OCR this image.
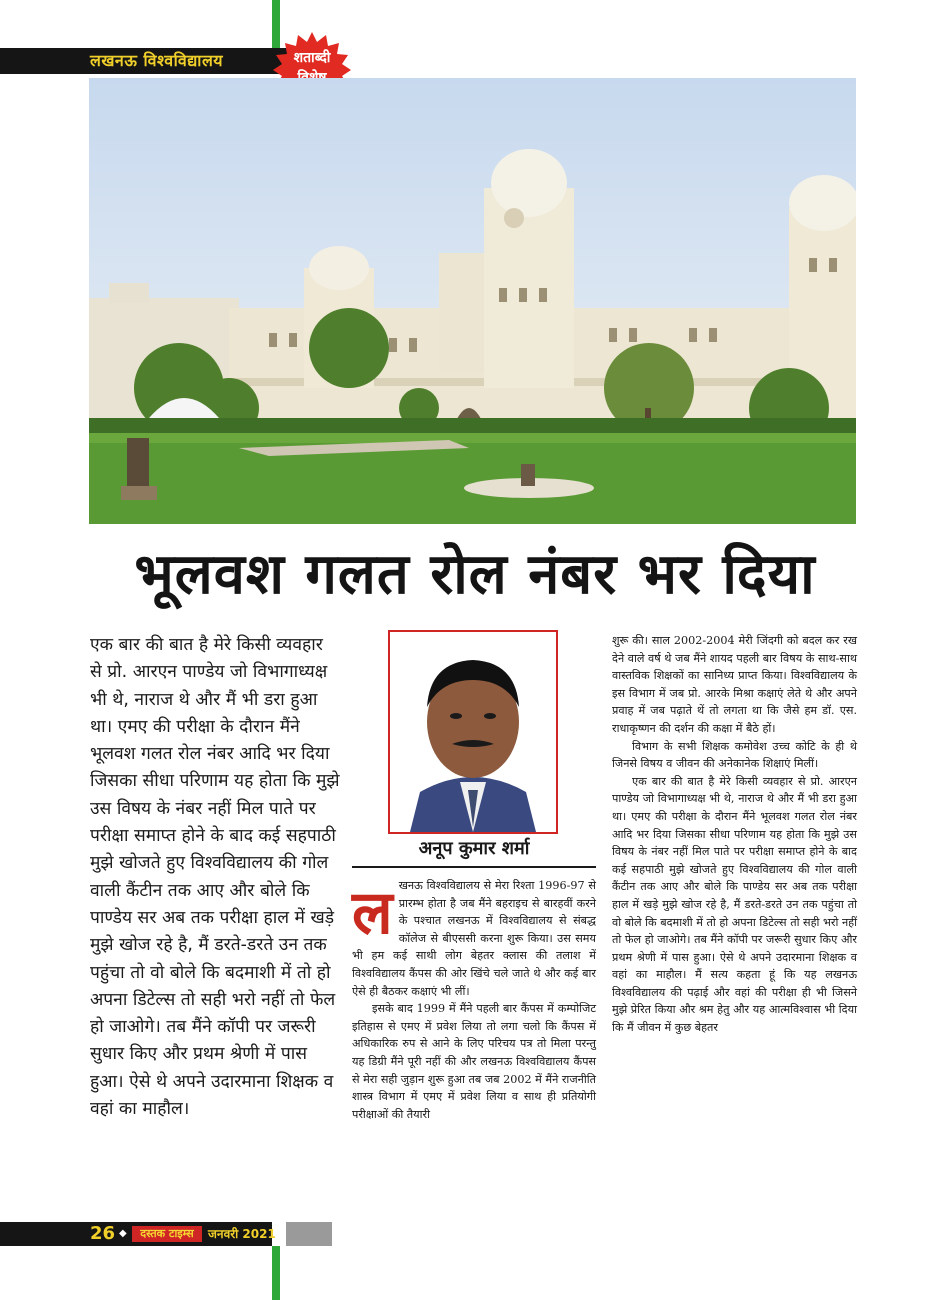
लखनऊ विश्वविद्यालय	शताब्दी
भूलवश गलत रोल नंबर भर दिया

एक बार की बात है मेरे किसी व्यवहार से प्रो. आरएन पाण्डेय जो विभागाध्यक्ष भी थे, नाराज थे और मैं भी डरा हुआ था। एमए की परीक्षा के दौरान मैंने भूलवश गलत रोल नंबर आदि भर दिया जिसका सीधा परिणाम यह होता कि मुझे उस विषय के नंबर नहीं मिल पाते पर परीक्षा समाप्त होने के बाद कई सहपाठी मुझे खोजते हुए विश्वविद्यालय की गोल वाली कैंटीन तक आए और बोले कि पाण्डेय सर अब तक परीक्षा हाल में खड़े मुझे खोज रहे है, मैं डरते-डरते उन तक पहुंचा तो वो बोले कि बदमाशी में तो हो अपना डिटेल्स तो सही भरो नहीं तो फेल हो जाओगे। तब मैंने कॉपी पर जरूरी सुधार किए और प्रथम श्रेणी में पास हुआ। ऐसे थे अपने उदारमाना शिक्षक व वहां का माहौल।

अनूप कुमार शर्मा
ल खनऊ विश्वविद्यालय से मेरा रिश्ता 1996-97 से प्रारम्भ होता है जब मैंने बहराइच से बारहवीं करने के पश्चात लखनऊ में विश्वविद्यालय से संबद्ध कॉलेज से बीएससी करना शुरू किया। उस समय भी हम कई साथी लोग बेहतर क्लास की तलाश में विश्वविद्यालय कैंपस की ओर खिंचे चले जाते थे और कई बार ऐसे ही बैठकर कक्षाएं भी लीं।

इसके बाद 1999 में मैंने पहली बार कैंपस में कम्पोजिट इतिहास से एमए में प्रवेश लिया तो लगा चलो कि कैंपस में अधिकारिक रुप से आने के लिए परिचय पत्र तो मिला परन्तु यह डिग्री मैंने पूरी नहीं की और लखनऊ विश्वविद्यालय कैंपस से मेरा सही जुड़ान शुरू हुआ तब जब 2002 में मैंने राजनीति शास्त्र विभाग में एमए में प्रवेश लिया व साथ ही प्रतियोगी परीक्षाओं की तैयारी

शुरू की। साल 2002-2004 मेरी जिंदगी को बदल कर रख देने वाले वर्ष थे जब मैंने शायद पहली बार विषय के साथ-साथ वास्तविक शिक्षकों का सानिध्य प्राप्त किया। विश्वविद्यालय के इस विभाग में जब प्रो. आरके मिश्रा कक्षाएं लेते थे और अपने प्रवाह में जब पढ़ाते थें तो लगता था कि जैसे हम डॉ. एस. राधाकृष्णन की दर्शन की कक्षा में बैठे हों।

विभाग के सभी शिक्षक कमोवेश उच्च कोटि के ही थे जिनसे विषय व जीवन की अनेकानेक शिक्षाएं मिलीं।

एक बार की बात है मेरे किसी व्यवहार से प्रो. आरएन पाण्डेय जो विभागाध्यक्ष भी थे, नाराज थे और मैं भी डरा हुआ था। एमए की परीक्षा के दौरान मैंने भूलवश गलत रोल नंबर आदि भर दिया जिसका सीधा परिणाम यह होता कि मुझे उस विषय के नंबर नहीं मिल पाते पर परीक्षा समाप्त होने के बाद कई सहपाठी मुझे खोजते हुए विश्वविद्यालय की गोल वाली कैंटीन तक आए और बोले कि पाण्डेय सर अब तक परीक्षा हाल में खड़े मुझे खोज रहे है, मैं डरते-डरते उन तक पहुंचा तो वो बोले कि बदमाशी में तो हो अपना डिटेल्स तो सही भरो नहीं तो फेल हो जाओगे। तब मैंने कॉपी पर जरूरी सुधार किए और प्रथम श्रेणी में पास हुआ। ऐसे थे अपने उदारमाना शिक्षक व वहां का माहौल। मैं सत्य कहता हूं कि यह लखनऊ विश्वविद्यालय की पढ़ाई और वहां की परीक्षा ही भी जिसने मुझे प्रेरित किया और श्रम हेतु और यह आत्मविश्वास भी दिया कि मैं जीवन में कुछ बेहतर

26 ◆	दस्तक टाइम्स	जनवरी 2021
